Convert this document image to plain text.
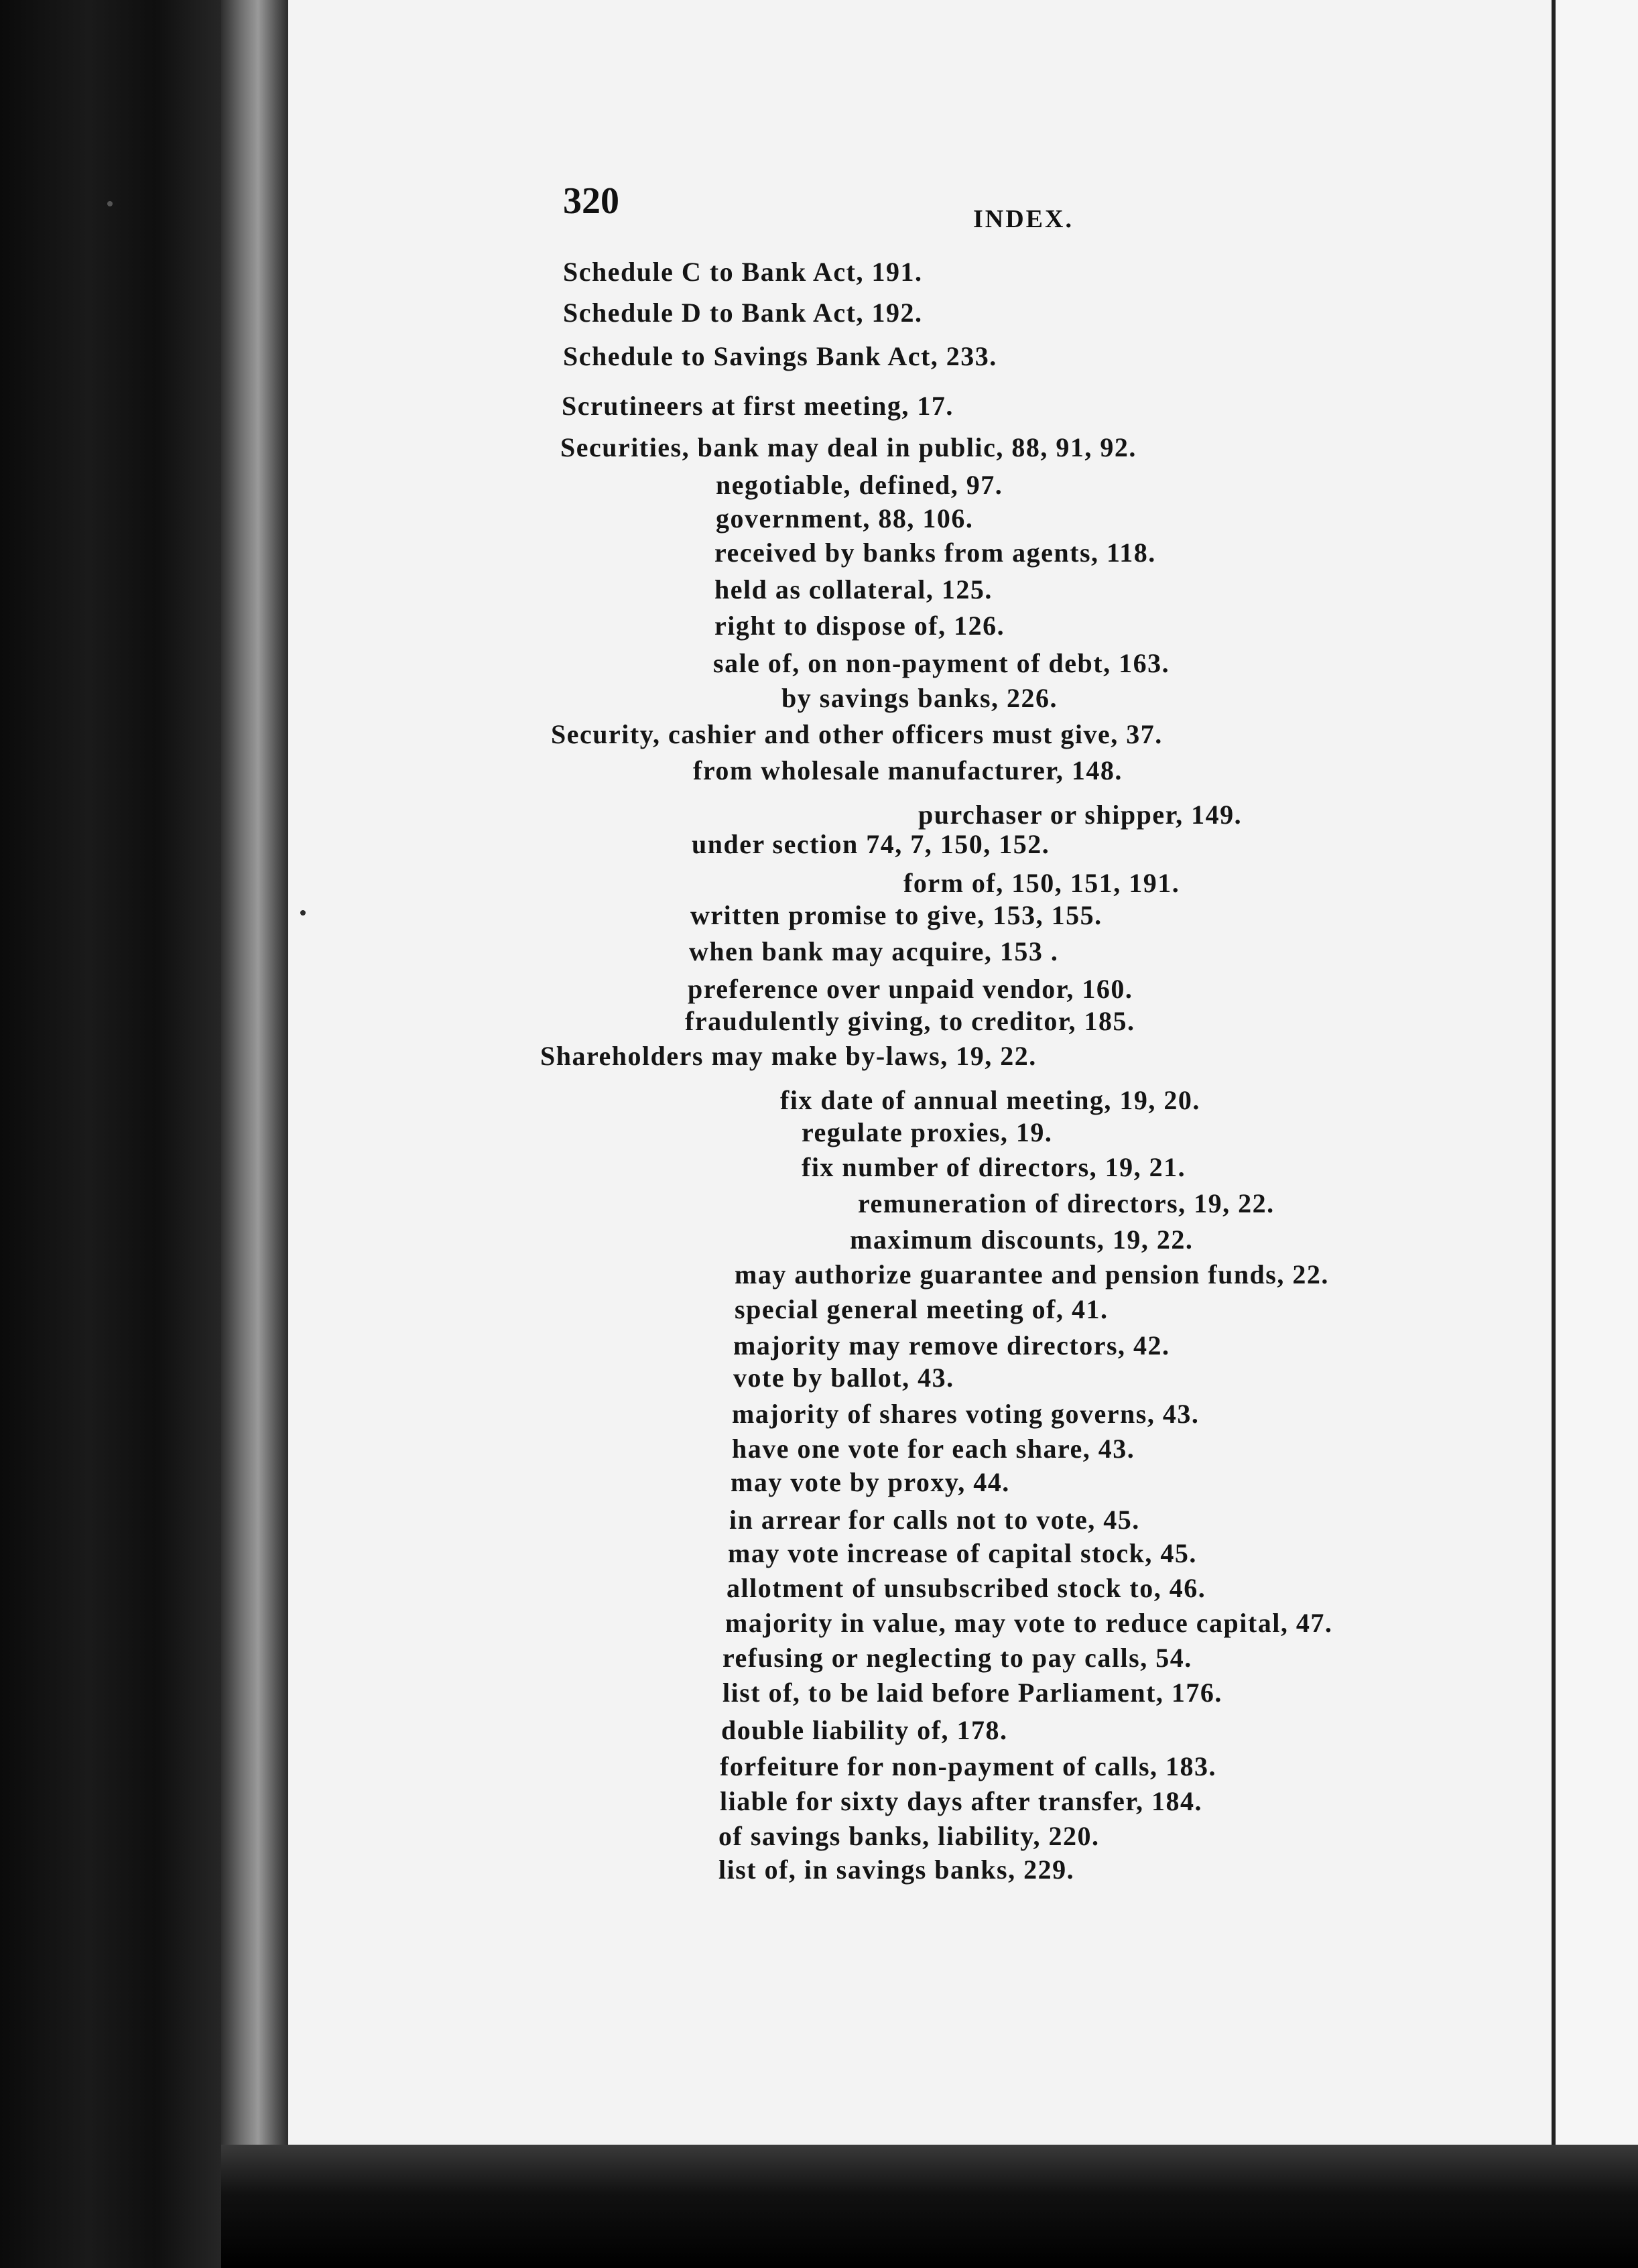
320	INDEX.
Schedule C to Bank Act, 191.
Schedule D to Bank Act, 192.
Schedule to Savings Bank Act, 233.
Scrutineers at first meeting, 17.
Securities, bank may deal in public, 88, 91, 92.
negotiable, defined, 97.
government, 88, 106.
received by banks from agents, 118.
held as collateral, 125.
right to dispose of, 126.
sale of, on non-payment of debt, 163.
by savings banks, 226.
Security, cashier and other officers must give, 37.
from wholesale manufacturer, 148.
purchaser or shipper, 149.
under section 74, 7, 150, 152.
form of, 150, 151, 191.
written promise to give, 153, 155.
when bank may acquire, 153 .
preference over unpaid vendor, 160.
fraudulently giving, to creditor, 185.
Shareholders may make by-laws, 19, 22.
fix date of annual meeting, 19, 20.
regulate proxies, 19.
fix number of directors, 19, 21.
remuneration of directors, 19, 22.
maximum discounts, 19, 22.
may authorize guarantee and pension funds, 22.
special general meeting of, 41.
majority may remove directors, 42.
vote by ballot, 43.
majority of shares voting governs, 43.
have one vote for each share, 43.
may vote by proxy, 44.
in arrear for calls not to vote, 45.
may vote increase of capital stock, 45.
allotment of unsubscribed stock to, 46.
majority in value, may vote to reduce capital, 47.
refusing or neglecting to pay calls, 54.
list of, to be laid before Parliament, 176.
double liability of, 178.
forfeiture for non-payment of calls, 183.
liable for sixty days after transfer, 184.
of savings banks, liability, 220.
list of, in savings banks, 229.
